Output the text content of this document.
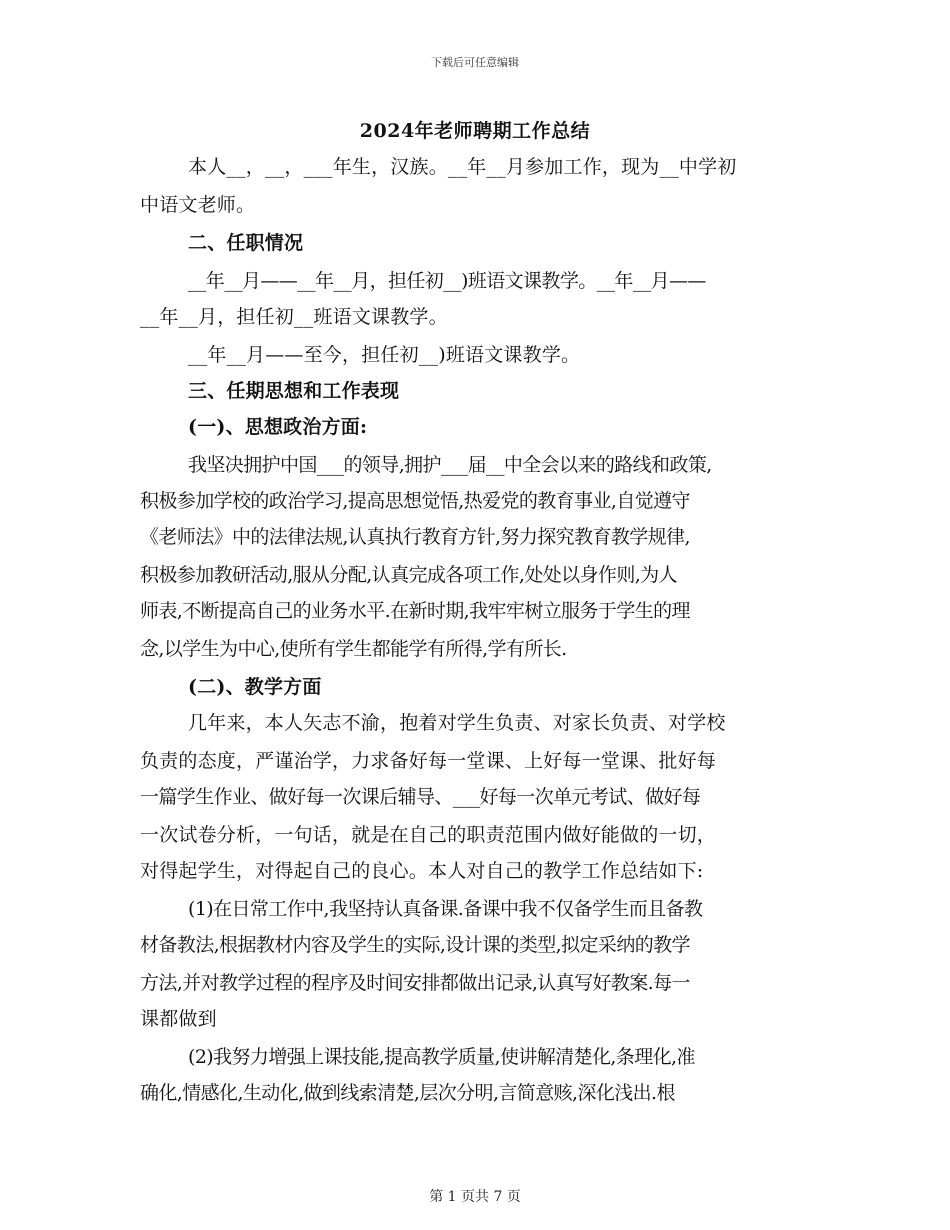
下载后可任意编辑
2024年老师聘期工作总结
本人__，__，___年生，汉族。__年__月参加工作，现为__中学初
中语文老师。
二、任职情况
__年__月——__年__月，担任初__)班语文课教学。__年__月——
__年__月，担任初__班语文课教学。
__年__月——至今，担任初__)班语文课教学。
三、任期思想和工作表现
(一)、思想政治方面:
我坚决拥护中国___的领导,拥护___届__中全会以来的路线和政策,
积极参加学校的政治学习,提高思想觉悟,热爱党的教育事业,自觉遵守
《老师法》中的法律法规,认真执行教育方针,努力探究教育教学规律,
积极参加教研活动,服从分配,认真完成各项工作,处处以身作则,为人
师表,不断提高自己的业务水平.在新时期,我牢牢树立服务于学生的理
念,以学生为中心,使所有学生都能学有所得,学有所长.
(二)、教学方面
几年来，本人矢志不渝，抱着对学生负责、对家长负责、对学校
负责的态度，严谨治学，力求备好每一堂课、上好每一堂课、批好每
一篇学生作业、做好每一次课后辅导、___好每一次单元考试、做好每
一次试卷分析，一句话，就是在自己的职责范围内做好能做的一切，
对得起学生，对得起自己的良心。本人对自己的教学工作总结如下:
(1)在日常工作中,我坚持认真备课.备课中我不仅备学生而且备教
材备教法,根据教材内容及学生的实际,设计课的类型,拟定采纳的教学
方法,并对教学过程的程序及时间安排都做出记录,认真写好教案.每一
课都做到
(2)我努力增强上课技能,提高教学质量,使讲解清楚化,条理化,准
确化,情感化,生动化,做到线索清楚,层次分明,言简意赅,深化浅出.根
第 1 页共 7 页
